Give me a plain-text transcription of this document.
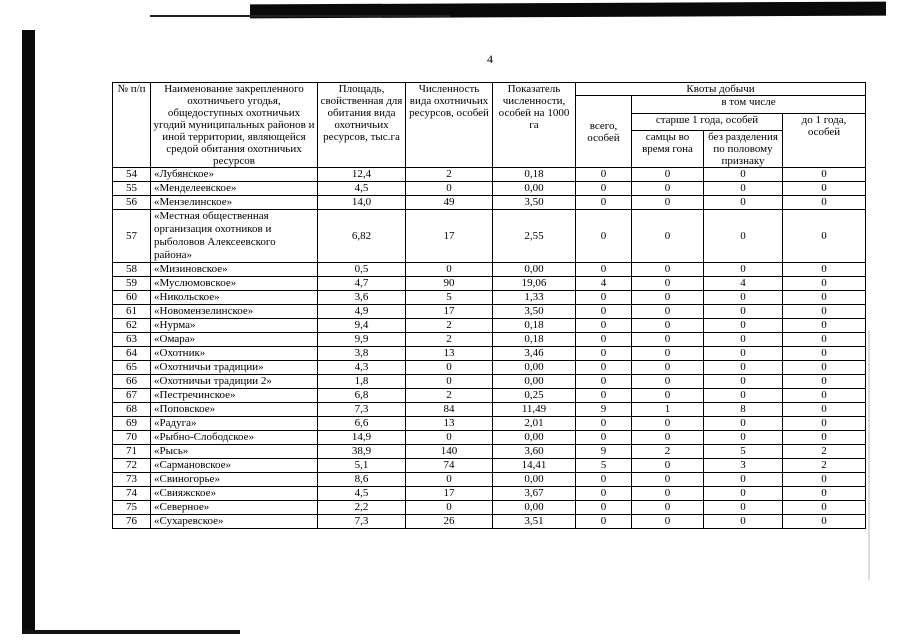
4
№ п/п	Наименование закрепленного охотничьего угодья, общедоступных охотничьих угодий муниципальных районов и иной территории, являющейся средой обитания охотничьих ресурсов	Площадь, свойственная для обитания вида охотничьих ресурсов, тыс.га	Численность вида охотничьих ресурсов, особей	Показатель численности, особей на 1000 га	Квоты добычи			
					всего, особей	в том числе		
						старше 1 года, особей		до 1 года, особей
						самцы во время гона	без разделения по половому признаку	
54	«Лубянское»	12,4	2	0,18	0	0	0	0
55	«Менделеевское»	4,5	0	0,00	0	0	0	0
56	«Мензелинское»	14,0	49	3,50	0	0	0	0
57	«Местная общественная организация охотников и рыболовов Алексеевского района»	6,82	17	2,55	0	0	0	0
58	«Мизиновское»	0,5	0	0,00	0	0	0	0
59	«Муслюмовское»	4,7	90	19,06	4	0	4	0
60	«Никольское»	3,6	5	1,33	0	0	0	0
61	«Новомензелинское»	4,9	17	3,50	0	0	0	0
62	«Нурма»	9,4	2	0,18	0	0	0	0
63	«Омара»	9,9	2	0,18	0	0	0	0
64	«Охотник»	3,8	13	3,46	0	0	0	0
65	«Охотничьи традиции»	4,3	0	0,00	0	0	0	0
66	«Охотничьи традиции 2»	1,8	0	0,00	0	0	0	0
67	«Пестречинское»	6,8	2	0,25	0	0	0	0
68	«Поповское»	7,3	84	11,49	9	1	8	0
69	«Радуга»	6,6	13	2,01	0	0	0	0
70	«Рыбно-Слободское»	14,9	0	0,00	0	0	0	0
71	«Рысь»	38,9	140	3,60	9	2	5	2
72	«Сармановское»	5,1	74	14,41	5	0	3	2
73	«Свиногорье»	8,6	0	0,00	0	0	0	0
74	«Свияжское»	4,5	17	3,67	0	0	0	0
75	«Северное»	2,2	0	0,00	0	0	0	0
76	«Сухаревское»	7,3	26	3,51	0	0	0	0
